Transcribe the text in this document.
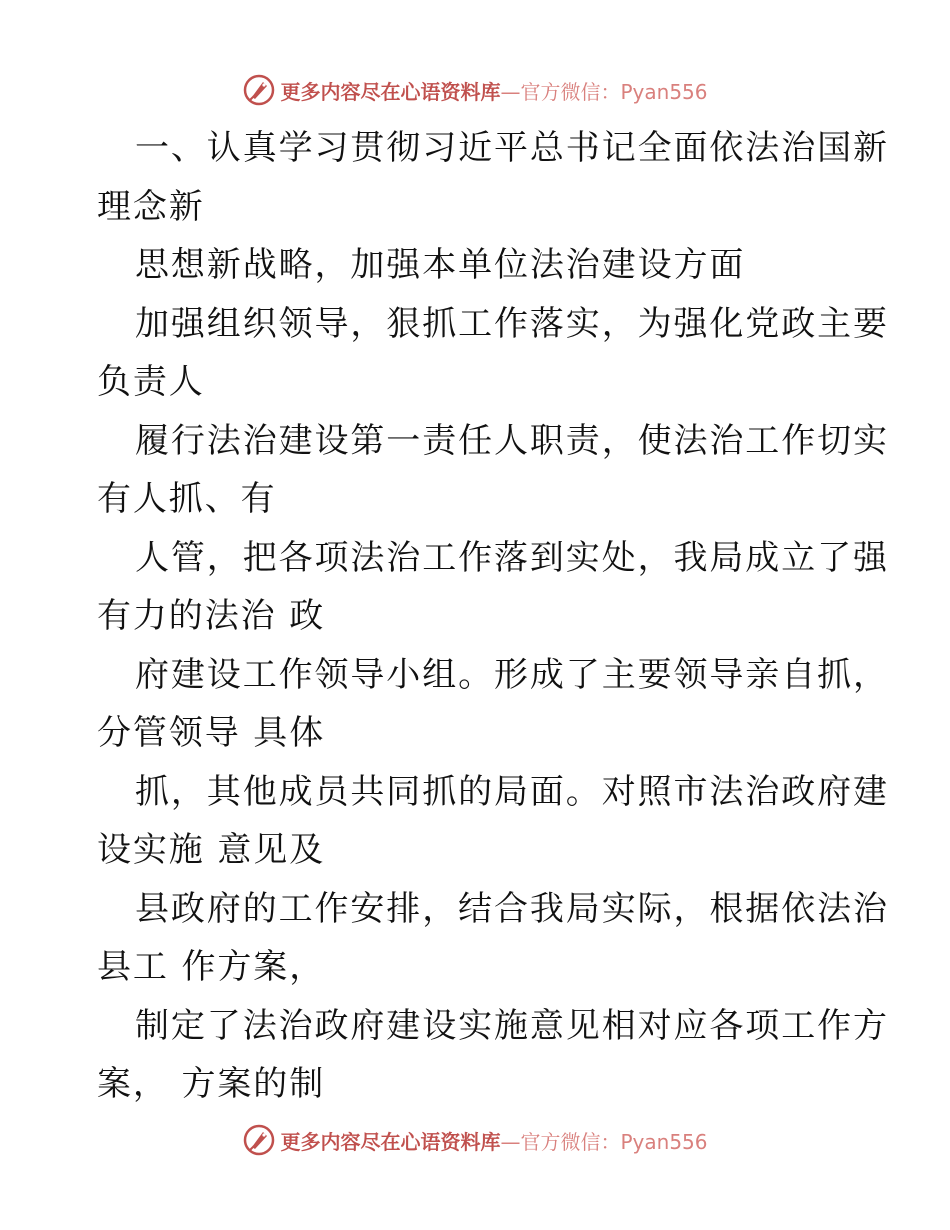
更多内容尽在心语资料库—官方微信：Pyan556
一、认真学习贯彻习近平总书记全面依法治国新
理念新
思想新战略，加强本单位法治建设方面
加强组织领导，狠抓工作落实，为强化党政主要
负责人
履行法治建设第一责任人职责，使法治工作切实
有人抓、有
人管，把各项法治工作落到实处，我局成立了强
有力的法治 政
府建设工作领导小组。形成了主要领导亲自抓，
分管领导 具体
抓，其他成员共同抓的局面。对照市法治政府建
设实施 意见及
县政府的工作安排，结合我局实际，根据依法治
县工 作方案，
制定了法治政府建设实施意见相对应各项工作方
案， 方案的制
更多内容尽在心语资料库—官方微信：Pyan556
